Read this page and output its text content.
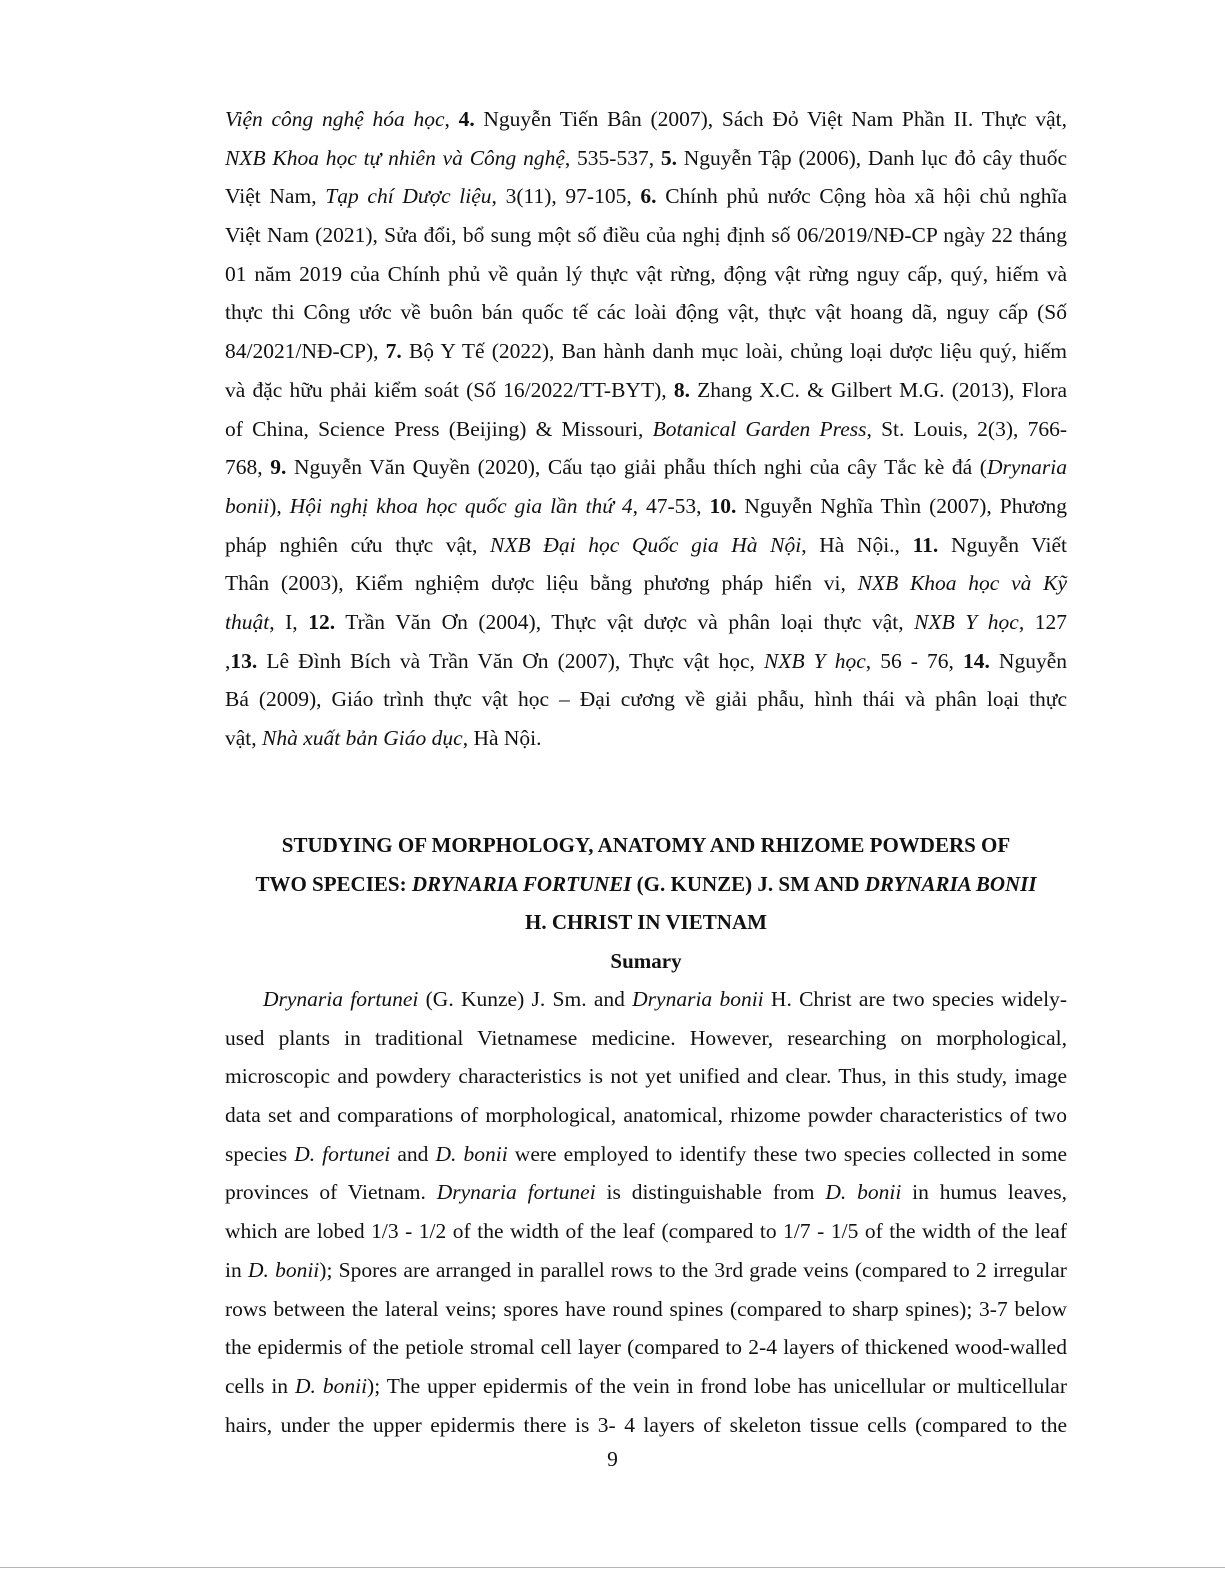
Viện công nghệ hóa học, 4. Nguyễn Tiến Bân (2007), Sách Đỏ Việt Nam Phần II. Thực vật,
NXB Khoa học tự nhiên và Công nghệ, 535-537, 5. Nguyễn Tập (2006), Danh lục đỏ cây thuốc
Việt Nam, Tạp chí Dược liệu, 3(11), 97-105, 6. Chính phủ nước Cộng hòa xã hội chủ nghĩa
Việt Nam (2021), Sửa đổi, bổ sung một số điều của nghị định số 06/2019/NĐ-CP ngày 22 tháng
01 năm 2019 của Chính phủ về quản lý thực vật rừng, động vật rừng nguy cấp, quý, hiếm và
thực thi Công ước về buôn bán quốc tế các loài động vật, thực vật hoang dã, nguy cấp (Số
84/2021/NĐ-CP), 7. Bộ Y Tế (2022), Ban hành danh mục loài, chủng loại dược liệu quý, hiếm
và đặc hữu phải kiểm soát (Số 16/2022/TT-BYT), 8. Zhang X.C. & Gilbert M.G. (2013), Flora
of China, Science Press (Beijing) & Missouri, Botanical Garden Press, St. Louis, 2(3), 766-
768, 9. Nguyễn Văn Quyền (2020), Cấu tạo giải phẫu thích nghi của cây Tắc kè đá (Drynaria
bonii), Hội nghị khoa học quốc gia lần thứ 4, 47-53, 10. Nguyễn Nghĩa Thìn (2007), Phương
pháp nghiên cứu thực vật, NXB Đại học Quốc gia Hà Nội, Hà Nội., 11. Nguyễn Viết
Thân (2003), Kiểm nghiệm dược liệu bằng phương pháp hiển vi, NXB Khoa học và Kỹ
thuật, I, 12. Trần Văn Ơn (2004), Thực vật dược và phân loại thực vật, NXB Y học, 127
,13. Lê Đình Bích và Trần Văn Ơn (2007), Thực vật học, NXB Y học, 56 - 76, 14. Nguyễn
Bá (2009), Giáo trình thực vật học – Đại cương về giải phẫu, hình thái và phân loại thực
vật, Nhà xuất bản Giáo dục, Hà Nội.
STUDYING OF MORPHOLOGY, ANATOMY AND RHIZOME POWDERS OF
TWO SPECIES: DRYNARIA FORTUNEI (G. KUNZE) J. SM AND DRYNARIA BONII
H. CHRIST IN VIETNAM
Sumary
Drynaria fortunei (G. Kunze) J. Sm. and Drynaria bonii H. Christ are two species widely-
used plants in traditional Vietnamese medicine. However, researching on morphological,
microscopic and powdery characteristics is not yet unified and clear. Thus, in this study, image
data set and comparations of morphological, anatomical, rhizome powder characteristics of two
species D. fortunei and D. bonii were employed to identify these two species collected in some
provinces of Vietnam. Drynaria fortunei is distinguishable from D. bonii in humus leaves,
which are lobed 1/3 - 1/2 of the width of the leaf (compared to 1/7 - 1/5 of the width of the leaf
in D. bonii); Spores are arranged in parallel rows to the 3rd grade veins (compared to 2 irregular
rows between the lateral veins; spores have round spines (compared to sharp spines); 3-7 below
the epidermis of the petiole stromal cell layer (compared to 2-4 layers of thickened wood-walled
cells in D. bonii); The upper epidermis of the vein in frond lobe has unicellular or multicellular
hairs, under the upper epidermis there is 3- 4 layers of skeleton tissue cells (compared to the
9
